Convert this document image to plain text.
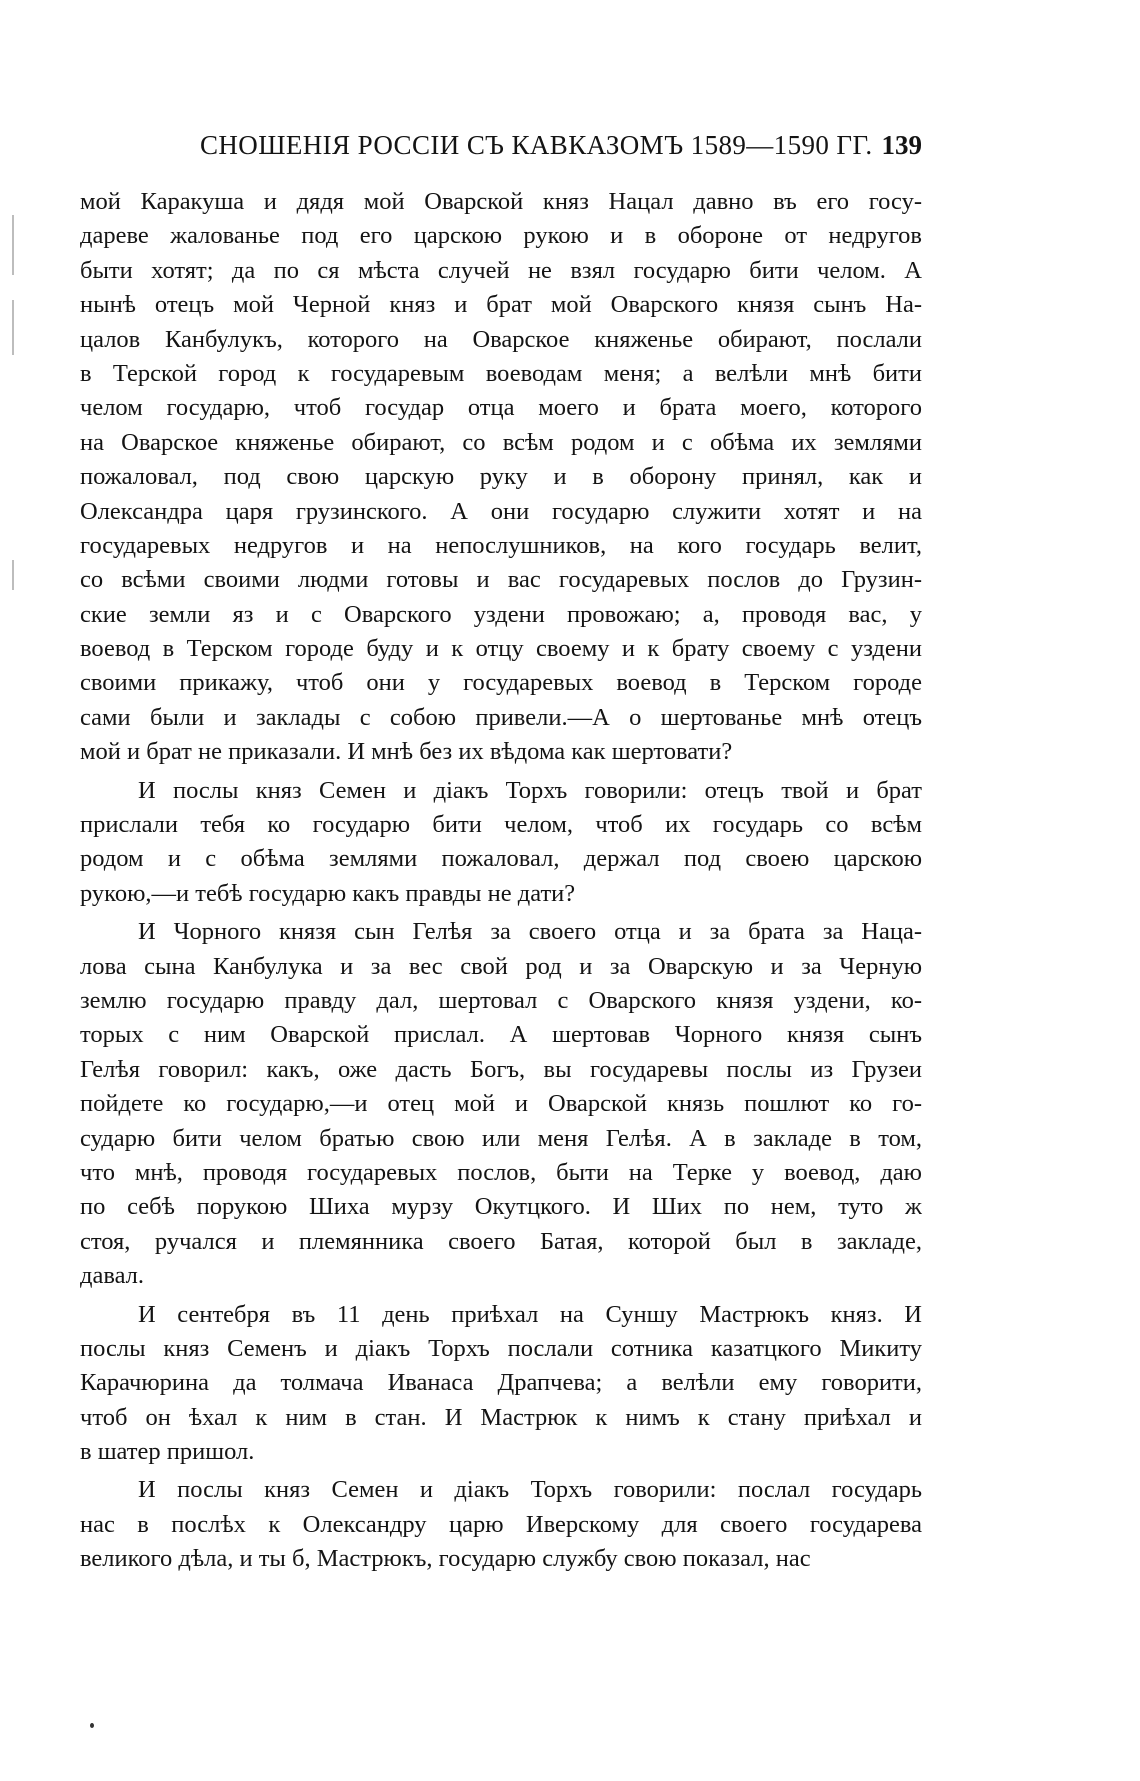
СНОШЕНІЯ РОССІИ СЪ КАВКАЗОМЪ 1589—1590 ГГ. 139
мой Каракуша и дядя мой Оварской княз Нацал давно въ его госу-
дареве жалованье под его царскою рукою и в обороне от недругов
быти хотят; да по ся мѣста случей не взял государю бити челом. А
нынѣ отецъ мой Черной княз и брат мой Оварского князя сынъ На-
цалов Канбулукъ, которого на Оварское княженье обирают, послали
в Терской город к государевым воеводам меня; а велѣли мнѣ бити
челом государю, чтоб государ отца моего и брата моего, которого
на Оварское княженье обирают, со всѣм родом и с обѣма их землями
пожаловал, под свою царскую руку и в оборону принял, как и
Олександра царя грузинского. А они государю служити хотят и на
государевых недругов и на непослушников, на кого государь велит,
со всѣми своими людми готовы и вас государевых послов до Грузин-
ские земли яз и с Оварского уздени провожаю; а, проводя вас, у
воевод в Терском городе буду и к отцу своему и к брату своему с уздени
своими прикажу, чтоб они у государевых воевод в Терском городе
сами были и заклады с собою привели.—А о шертованье мнѣ отецъ
мой и брат не приказали. И мнѣ без их вѣдома как шертовати?
И послы княз Семен и діакъ Торхъ говорили: отецъ твой и брат
прислали тебя ко государю бити челом, чтоб их государь со всѣм
родом и с обѣма землями пожаловал, держал под своею царскою
рукою,—и тебѣ государю какъ правды не дати?
И Чорного князя сын Гелѣя за своего отца и за брата за Наца-
лова сына Канбулука и за вес свой род и за Оварскую и за Черную
землю государю правду дал, шертовал с Оварского князя уздени, ко-
торых с ним Оварской прислал. А шертовав Чорного князя сынъ
Гелѣя говорил: какъ, оже дасть Богъ, вы государевы послы из Грузеи
пойдете ко государю,—и отец мой и Оварской князь пошлют ко го-
сударю бити челом братью свою или меня Гелѣя. А в закладе в том,
что мнѣ, проводя государевых послов, быти на Терке у воевод, даю
по себѣ порукою Шиха мурзу Окутцкого. И Ших по нем, туто ж
стоя, ручался и племянника своего Батая, которой был в закладе,
давал.
И сентебря въ 11 день приѣхал на Суншу Мастрюкъ княз. И
послы княз Семенъ и діакъ Торхъ послали сотника казатцкого Микиту
Карачюрина да толмача Иванаса Драпчева; а велѣли ему говорити,
чтоб он ѣхал к ним в стан. И Мастрюк к нимъ к стану приѣхал и
в шатер пришол.
И послы княз Семен и діакъ Торхъ говорили: послал государь
нас в послѣх к Олександру царю Иверскому для своего государева
великого дѣла, и ты б, Мастрюкъ, государю службу свою показал, нас
